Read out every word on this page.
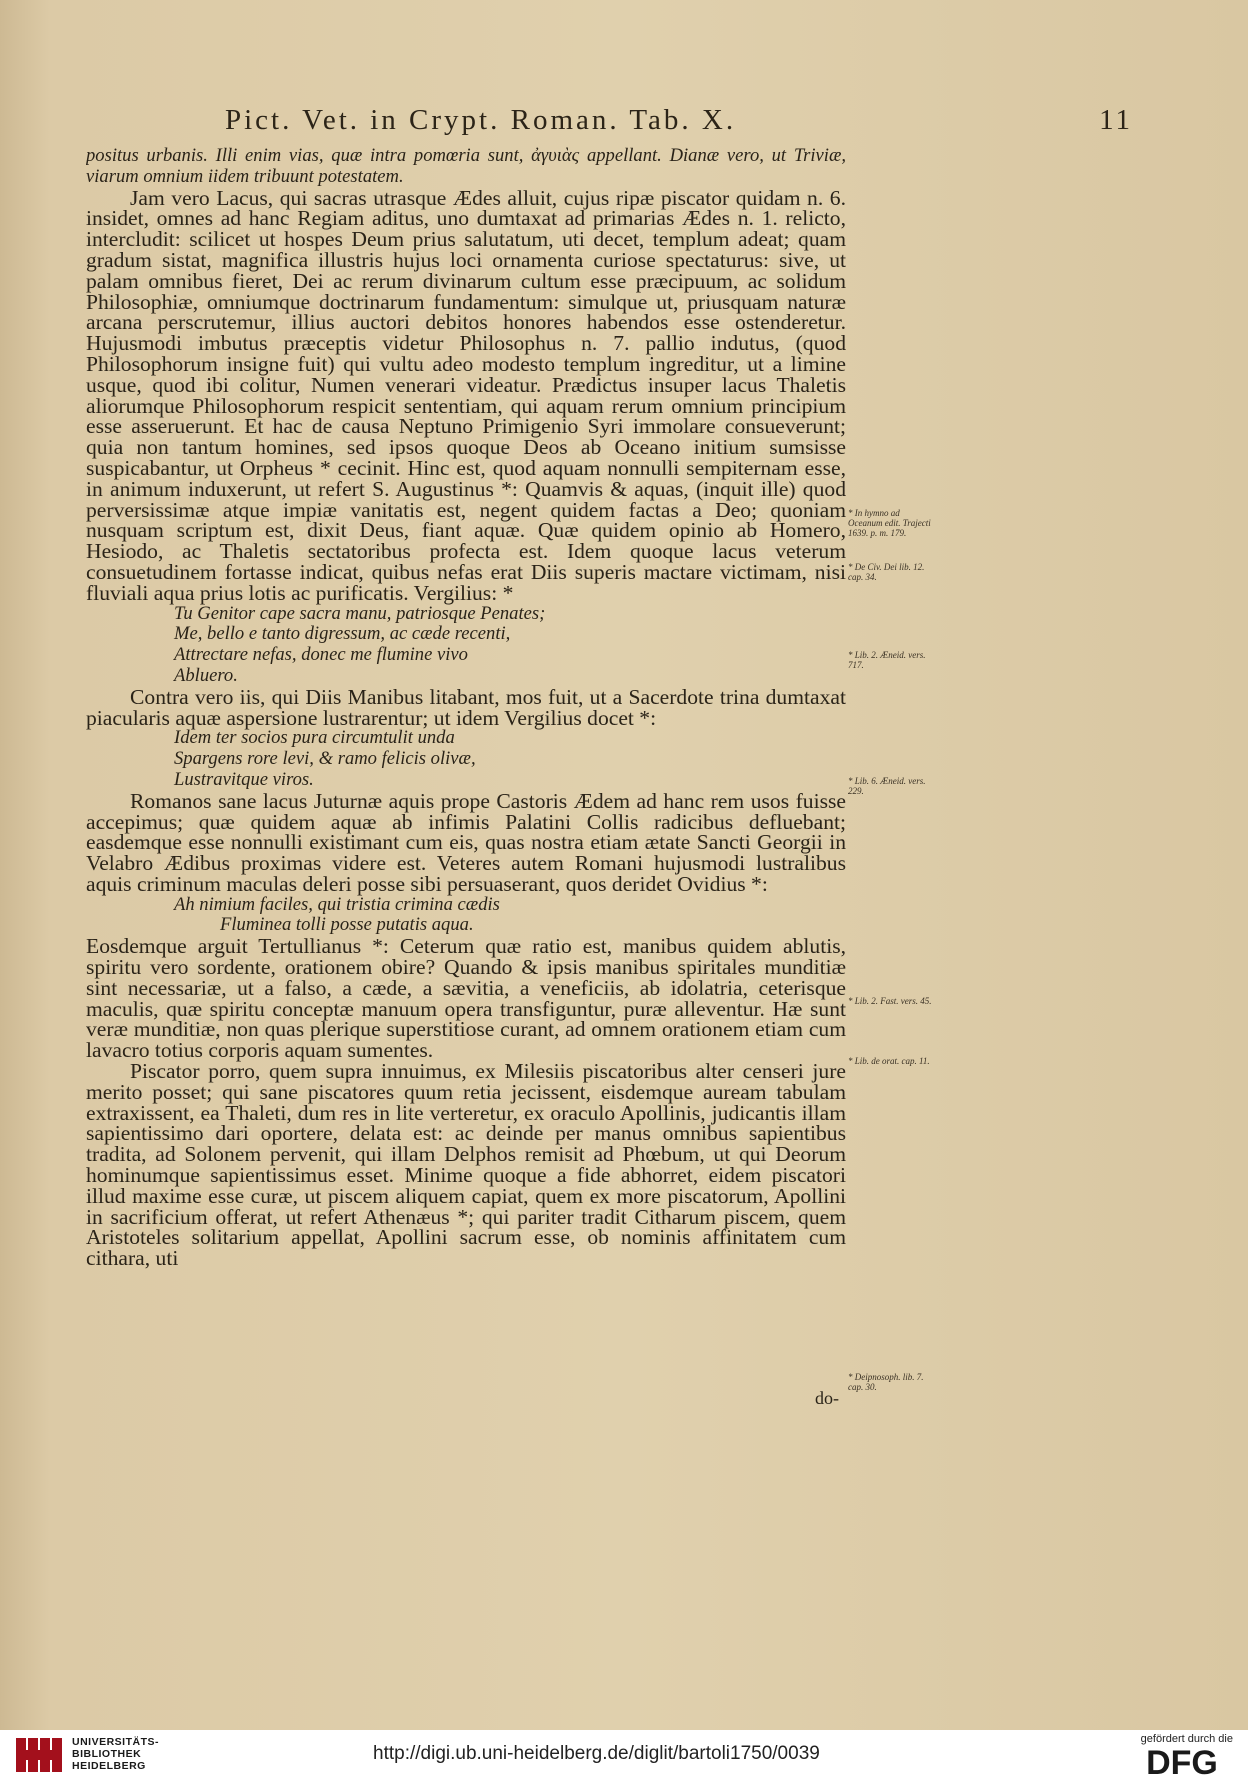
Pict. Vet. in Crypt. Roman. Tab. X.	11

positus urbanis. Illi enim vias, quæ intra pomœria sunt, ἀγυιὰς appellant. Dianæ vero, ut Triviæ, viarum omnium iidem tribuunt potestatem.

Jam vero Lacus, qui sacras utrasque Ædes alluit, cujus ripæ piscator quidam n. 6. insidet, omnes ad hanc Regiam aditus, uno dumtaxat ad primarias Ædes n. 1. relicto, intercludit: scilicet ut hospes Deum prius salutatum, uti decet, templum adeat; quam gradum sistat, magnifica illustris hujus loci ornamenta curiose spectaturus: sive, ut palam omnibus fieret, Dei ac rerum divinarum cultum esse præcipuum, ac solidum Philosophiæ, omniumque doctrinarum fundamentum: simulque ut, priusquam naturæ arcana perscrutemur, illius auctori debitos honores habendos esse ostenderetur. Hujusmodi imbutus præceptis videtur Philosophus n. 7. pallio indutus, (quod Philosophorum insigne fuit) qui vultu adeo modesto templum ingreditur, ut a limine usque, quod ibi colitur, Numen venerari videatur. Prædictus insuper lacus Thaletis aliorumque Philosophorum respicit sententiam, qui aquam rerum omnium principium esse asseruerunt. Et hac de causa Neptuno Primigenio Syri immolare consueverunt; quia non tantum homines, sed ipsos quoque Deos ab Oceano initium sumsisse suspicabantur, ut Orpheus * cecinit. Hinc est, quod aquam nonnulli sempiternam esse, in animum induxerunt, ut refert S. Augustinus *: Quamvis & aquas, (inquit ille) quod perversissimæ atque impiæ vanitatis est, negent quidem factas a Deo; quoniam nusquam scriptum est, dixit Deus, fiant aquæ. Quæ quidem opinio ab Homero, Hesiodo, ac Thaletis sectatoribus profecta est. Idem quoque lacus veterum consuetudinem fortasse indicat, quibus nefas erat Diis superis mactare victimam, nisi fluviali aqua prius lotis ac purificatis. Vergilius: *

Tu Genitor cape sacra manu, patriosque Penates;
Me, bello e tanto digressum, ac cæde recenti,
Attrectare nefas, donec me flumine vivo
Abluero.

Contra vero iis, qui Diis Manibus litabant, mos fuit, ut a Sacerdote trina dumtaxat piacularis aquæ aspersione lustrarentur; ut idem Vergilius docet *:

Idem ter socios pura circumtulit unda
Spargens rore levi, & ramo felicis olivæ,
Lustravitque viros.

Romanos sane lacus Juturnæ aquis prope Castoris Ædem ad hanc rem usos fuisse accepimus; quæ quidem aquæ ab infimis Palatini Collis radicibus defluebant; easdemque esse nonnulli existimant cum eis, quas nostra etiam ætate Sancti Georgii in Velabro Ædibus proximas videre est. Veteres autem Romani hujusmodi lustralibus aquis criminum maculas deleri posse sibi persuaserant, quos deridet Ovidius *:

Ah nimium faciles, qui tristia crimina cædis
Fluminea tolli posse putatis aqua.

Eosdemque arguit Tertullianus *: Ceterum quæ ratio est, manibus quidem ablutis, spiritu vero sordente, orationem obire? Quando & ipsis manibus spiritales munditiæ sint necessariæ, ut a falso, a cæde, a sævitia, a veneficiis, ab idolatria, ceterisque maculis, quæ spiritu conceptæ manuum opera transfiguntur, puræ alleventur. Hæ sunt veræ munditiæ, non quas plerique superstitiose curant, ad omnem orationem etiam cum lavacro totius corporis aquam sumentes.

Piscator porro, quem supra innuimus, ex Milesiis piscatoribus alter censeri jure merito posset; qui sane piscatores quum retia jecissent, eisdemque auream tabulam extraxissent, ea Thaleti, dum res in lite verteretur, ex oraculo Apollinis, judicantis illam sapientissimo dari oportere, delata est: ac deinde per manus omnibus sapientibus tradita, ad Solonem pervenit, qui illam Delphos remisit ad Phœbum, ut qui Deorum hominumque sapientissimus esset. Minime quoque a fide abhorret, eidem piscatori illud maxime esse curæ, ut piscem aliquem capiat, quem ex more piscatorum, Apollini in sacrificium offerat, ut refert Athenæus *; qui pariter tradit Citharum piscem, quem Aristoteles solitarium appellat, Apollini sacrum esse, ob nominis affinitatem cum cithara, uti

* In hymno ad Oceanum edit. Trajecti 1639. p. m. 179.
* De Civ. Dei lib. 12. cap. 34.
* Lib. 2. Æneid. vers. 717.
* Lib. 6. Æneid. vers. 229.
* Lib. 2. Fast. vers. 45.
* Lib. de orat. cap. 11.
* Deipnosoph. lib. 7. cap. 30.
do-
UNIVERSITÄTS-
BIBLIOTHEK
HEIDELBERG
http://digi.ub.uni-heidelberg.de/diglit/bartoli1750/0039
gefördert durch die
DFG
